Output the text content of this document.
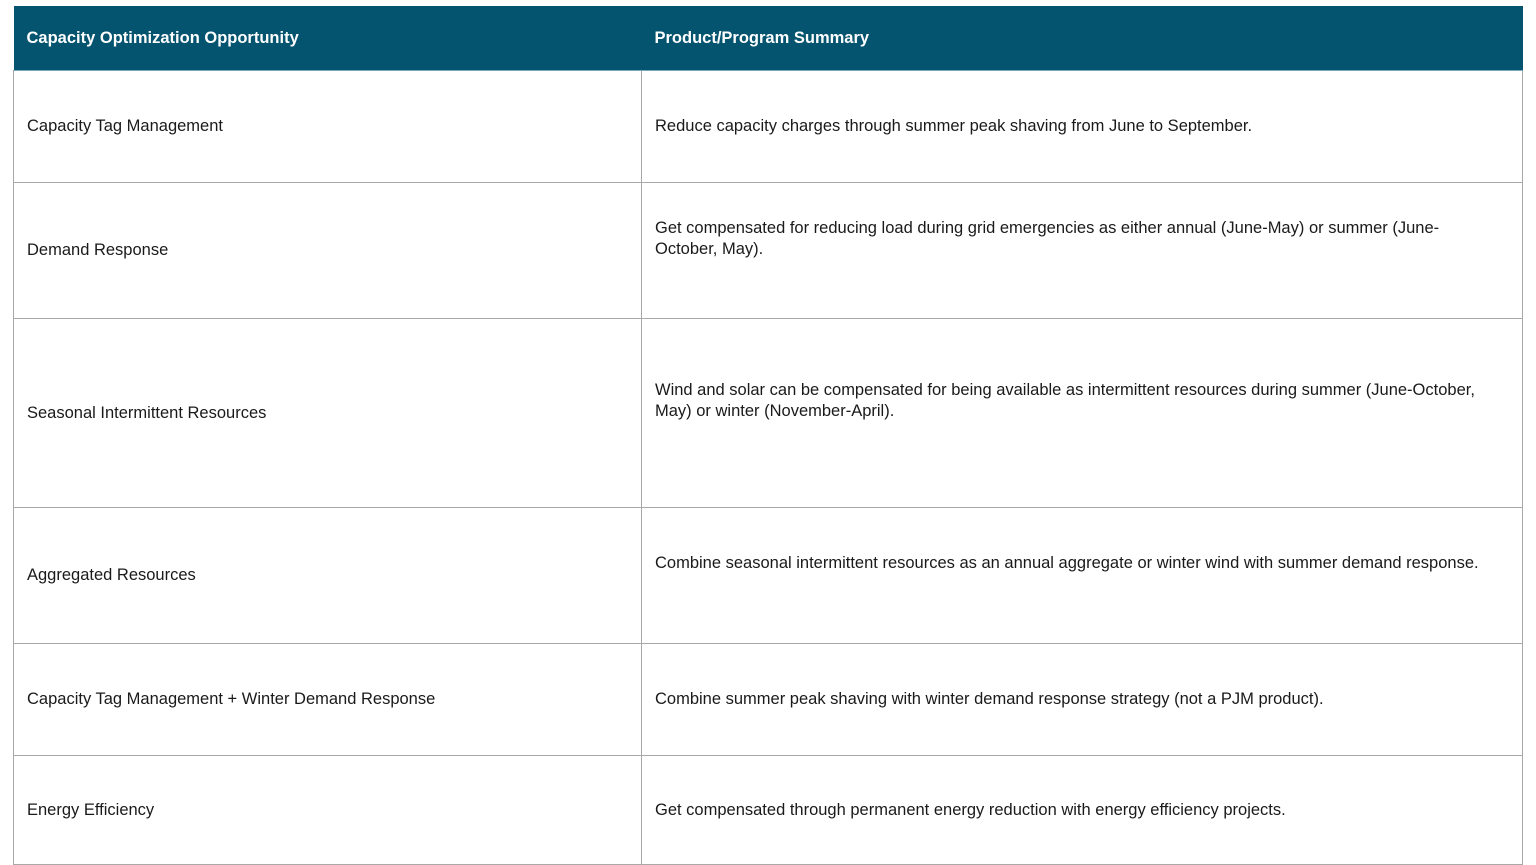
Capacity Optimization Opportunity	Product/Program Summary
Capacity Tag Management	Reduce capacity charges through summer peak shaving from June to September.
Demand Response	Get compensated for reducing load during grid emergencies as either annual (June-May) or summer (June-October, May).
Seasonal Intermittent Resources	Wind and solar can be compensated for being available as intermittent resources during summer (June-October, May) or winter (November-April).
Aggregated Resources	Combine seasonal intermittent resources as an annual aggregate or winter wind with summer demand response.
Capacity Tag Management + Winter Demand Response	Combine summer peak shaving with winter demand response strategy (not a PJM product).
Energy Efficiency	Get compensated through permanent energy reduction with energy efficiency projects.
